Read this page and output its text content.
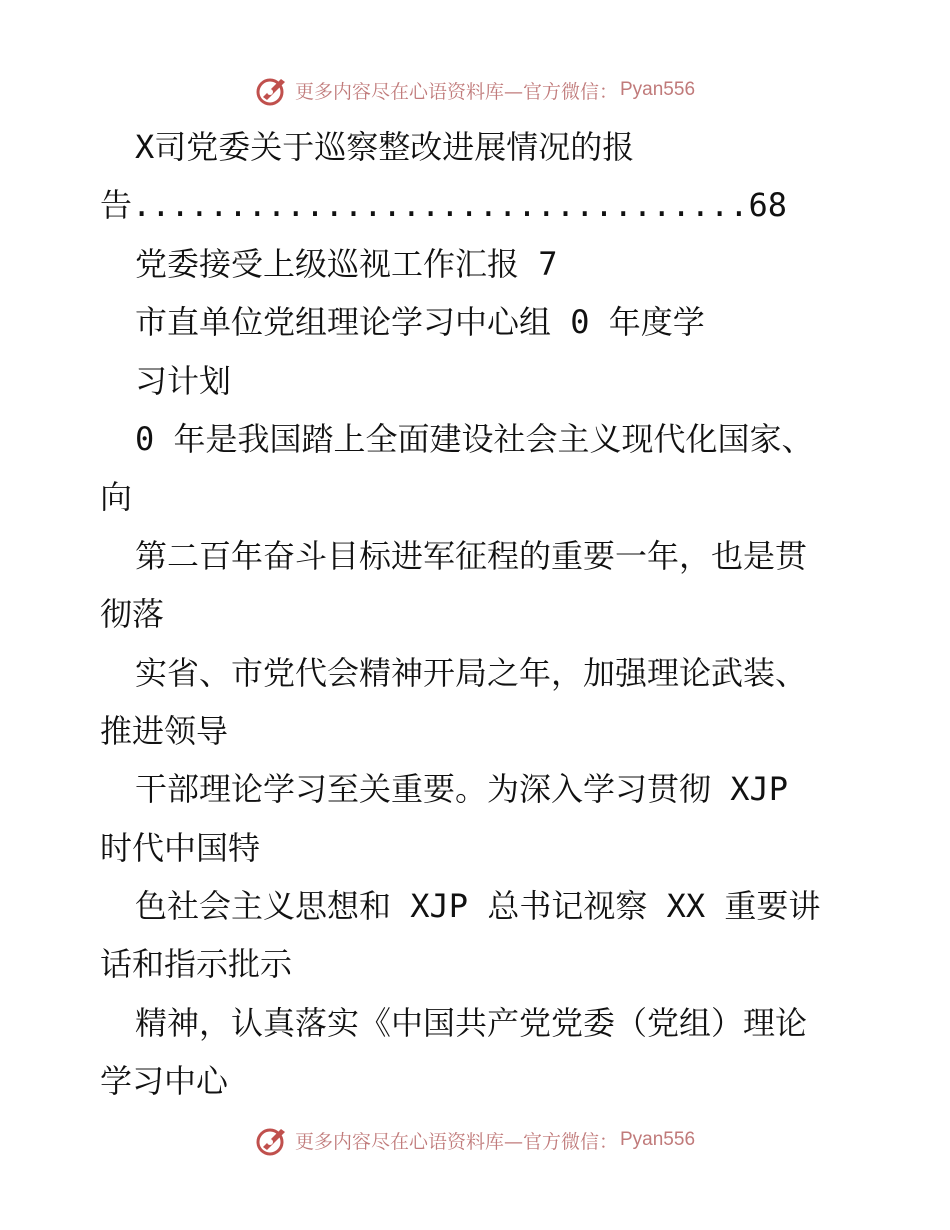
更多内容尽在心语资料库—官方微信： Pyan556
X司党委关于巡察整改进展情况的报
告................................68
党委接受上级巡视工作汇报 7
市直单位党组理论学习中心组 0 年度学
习计划
0 年是我国踏上全面建设社会主义现代化国家、
向
第二百年奋斗目标进军征程的重要一年，也是贯
彻落
实省、市党代会精神开局之年，加强理论武装、
推进领导
干部理论学习至关重要。为深入学习贯彻 XJP
时代中国特
色社会主义思想和 XJP 总书记视察 XX 重要讲
话和指示批示
精神，认真落实《中国共产党党委（党组）理论
学习中心
更多内容尽在心语资料库—官方微信： Pyan556
